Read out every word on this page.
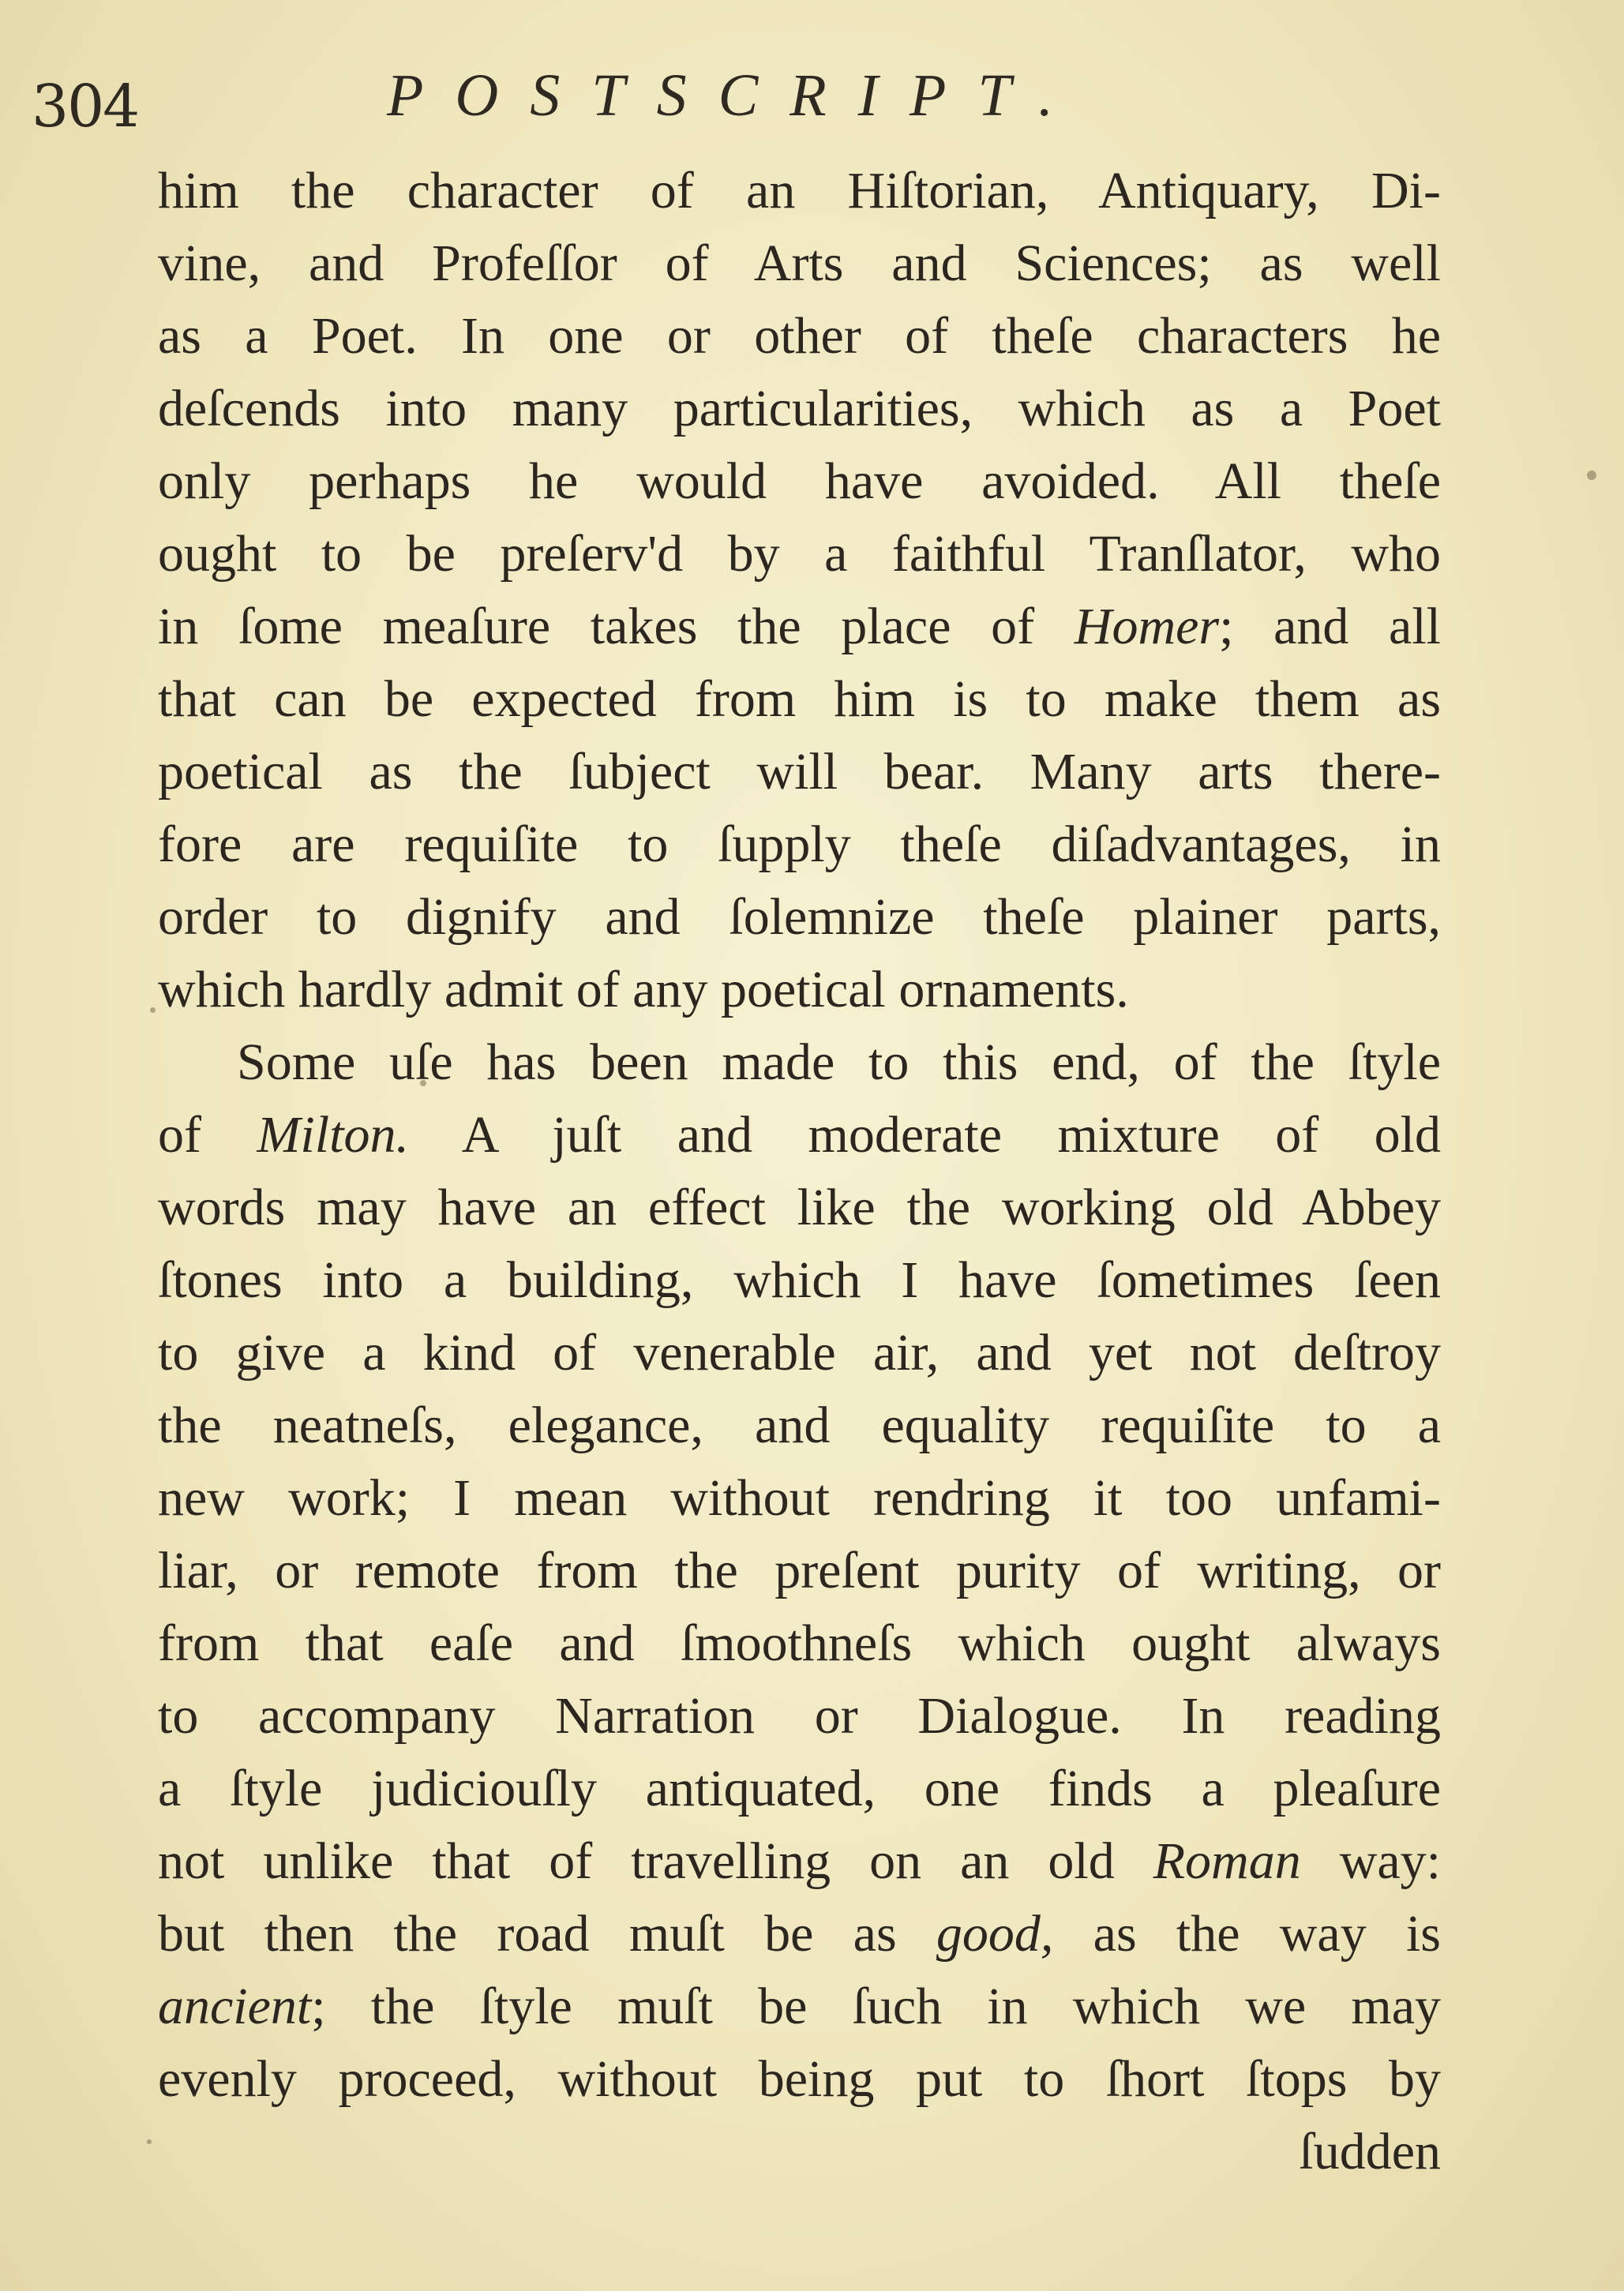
304	POSTSCRIPT.
him the character of an Hiſtorian, Antiquary, Di-
vine, and Profeſſor of Arts and Sciences; as well
as a Poet. In one or other of theſe characters he
deſcends into many particularities, which as a Poet
only perhaps he would have avoided. All theſe
ought to be preſerv'd by a faithful Tranſlator, who
in ſome meaſure takes the place of Homer; and all
that can be expected from him is to make them as
poetical as the ſubject will bear. Many arts there-
fore are requiſite to ſupply theſe diſadvantages, in
order to dignify and ſolemnize theſe plainer parts,
which hardly admit of any poetical ornaments.
Some uſe has been made to this end, of the ſtyle
of Milton. A juſt and moderate mixture of old
words may have an effect like the working old Abbey
ſtones into a building, which I have ſometimes ſeen
to give a kind of venerable air, and yet not deſtroy
the neatneſs, elegance, and equality requiſite to a
new work; I mean without rendring it too unfami-
liar, or remote from the preſent purity of writing, or
from that eaſe and ſmoothneſs which ought always
to accompany Narration or Dialogue. In reading
a ſtyle judiciouſly antiquated, one finds a pleaſure
not unlike that of travelling on an old Roman way:
but then the road muſt be as good, as the way is
ancient; the ſtyle muſt be ſuch in which we may
evenly proceed, without being put to ſhort ſtops by
ſudden
